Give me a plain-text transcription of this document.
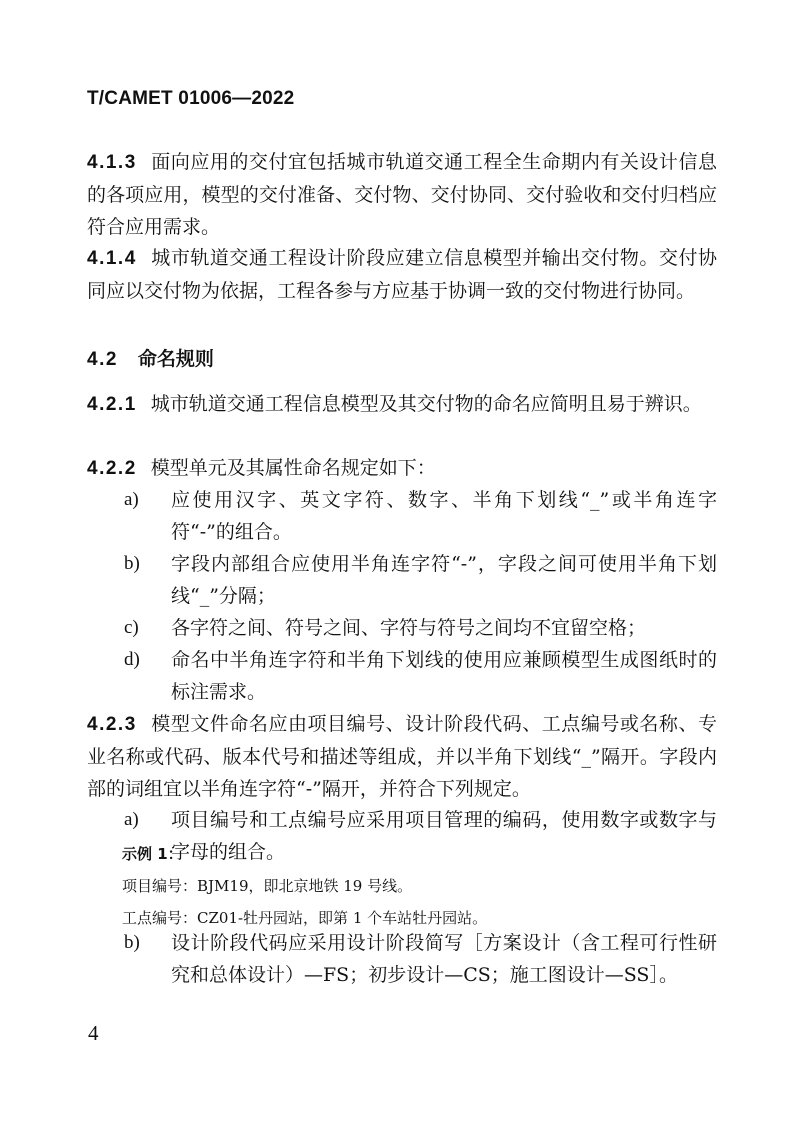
T/CAMET 01006—2022

4.1.3 面向应用的交付宜包括城市轨道交通工程全生命期内有关设计信息的各项应用，模型的交付准备、交付物、交付协同、交付验收和交付归档应符合应用需求。

4.1.4 城市轨道交通工程设计阶段应建立信息模型并输出交付物。交付协同应以交付物为依据，工程各参与方应基于协调一致的交付物进行协同。

4.2 命名规则

4.2.1 城市轨道交通工程信息模型及其交付物的命名应简明且易于辨识。

4.2.2 模型单元及其属性命名规定如下：

a) 应使用汉字、英文字符、数字、半角下划线“_”或半角连字符“-”的组合。
b) 字段内部组合应使用半角连字符“-”，字段之间可使用半角下划线“_”分隔；
c) 各字符之间、符号之间、字符与符号之间均不宜留空格；
d) 命名中半角连字符和半角下划线的使用应兼顾模型生成图纸时的标注需求。

4.2.3 模型文件命名应由项目编号、设计阶段代码、工点编号或名称、专业名称或代码、版本代号和描述等组成，并以半角下划线“_”隔开。字段内部的词组宜以半角连字符“-”隔开，并符合下列规定。

a) 项目编号和工点编号应采用项目管理的编码，使用数字或数字与字母的组合。
示例 1：
项目编号：BJM19，即北京地铁 19 号线。
工点编号：CZ01-牡丹园站，即第 1 个车站牡丹园站。
b) 设计阶段代码应采用设计阶段简写［方案设计（含工程可行性研究和总体设计）—FS；初步设计—CS；施工图设计—SS］。
4
